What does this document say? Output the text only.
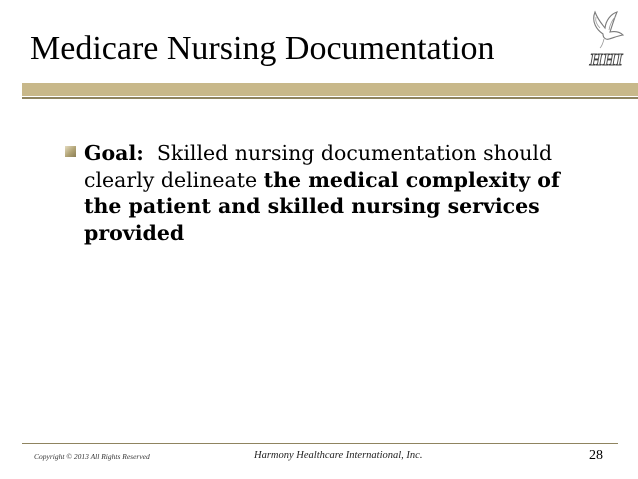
Medicare Nursing Documentation	HHI
Goal: Skilled nursing documentation should clearly delineate the medical complexity of the patient and skilled nursing services provided
Copyright © 2013 All Rights Reserved	Harmony Healthcare International, Inc.	28
